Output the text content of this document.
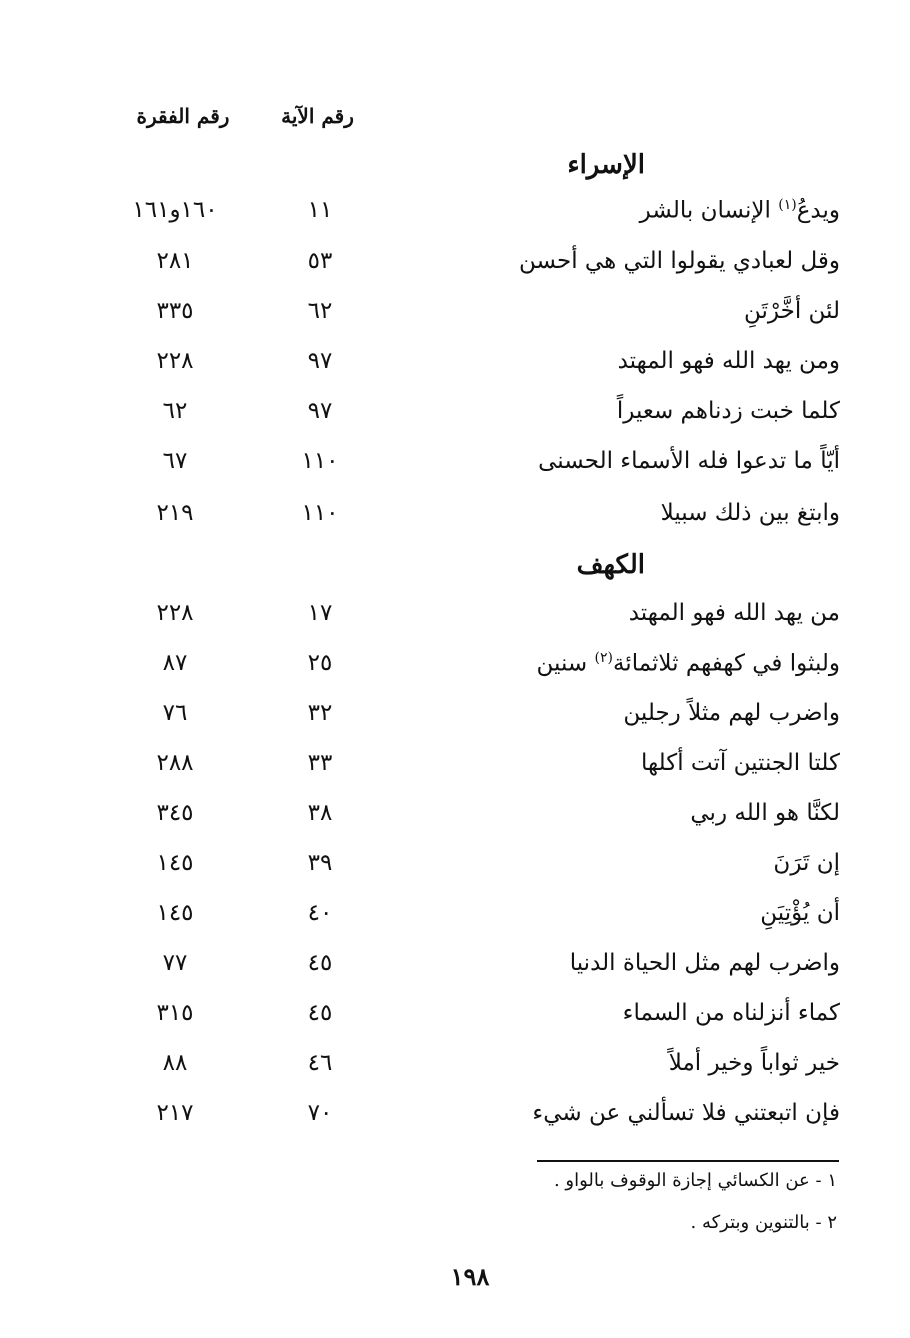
رقم الآية
رقم الفقرة
الإسراء
ويدعُ$^{(١)}$ الإنسان بالشر
١١
١٦٠و١٦١
وقل لعبادي يقولوا التي هي أحسن
٥٣
٢٨١
لئن أخَّرْتَنِ
٦٢
٣٣٥
ومن يهد الله فهو المهتد
٩٧
٢٢٨
كلما خبت زدناهم سعيراً
٩٧
٦٢
أيّاً ما تدعوا فله الأسماء الحسنى
١١٠
٦٧
وابتغ بين ذلك سبيلا
١١٠
٢١٩
الكهف
من يهد الله فهو المهتد
١٧
٢٢٨
ولبثوا في كهفهم ثلاثمائة$^{(٢)}$ سنين
٢٥
٨٧
واضرب لهم مثلاً رجلين
٣٢
٧٦
كلتا الجنتين آتت أكلها
٣٣
٢٨٨
لكنَّا هو الله ربي
٣٨
٣٤٥
إن تَرَنَ
٣٩
١٤٥
أن يُؤْتِيَنِ
٤٠
١٤٥
واضرب لهم مثل الحياة الدنيا
٤٥
٧٧
كماء أنزلناه من السماء
٤٥
٣١٥
خير ثواباً وخير أملاً
٤٦
٨٨
فإن اتبعتني فلا تسألني عن شيء
٧٠
٢١٧
١ - عن الكسائي إجازة الوقوف بالواو .
٢ - بالتنوين وبتركه .
١٩٨
